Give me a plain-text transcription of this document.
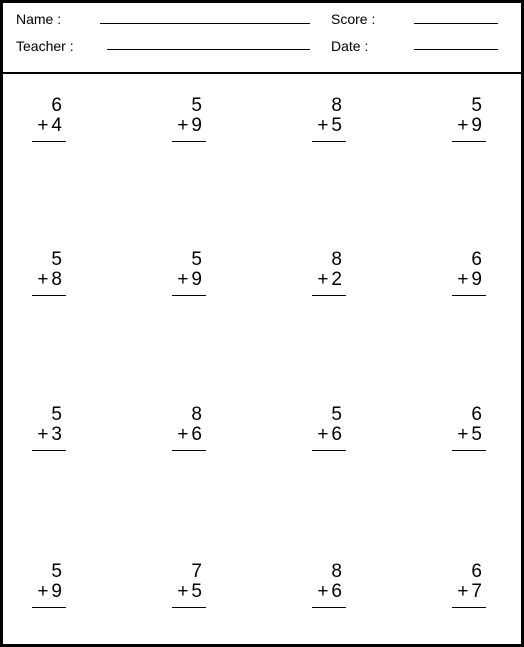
Name :	Score :
Teacher :	Date :
6
+ 4
5
+ 9
8
+ 5
5
+ 9
5
+ 8
5
+ 9
8
+ 2
6
+ 9
5
+ 3
8
+ 6
5
+ 6
6
+ 5
5
+ 9
7
+ 5
8
+ 6
6
+ 7
